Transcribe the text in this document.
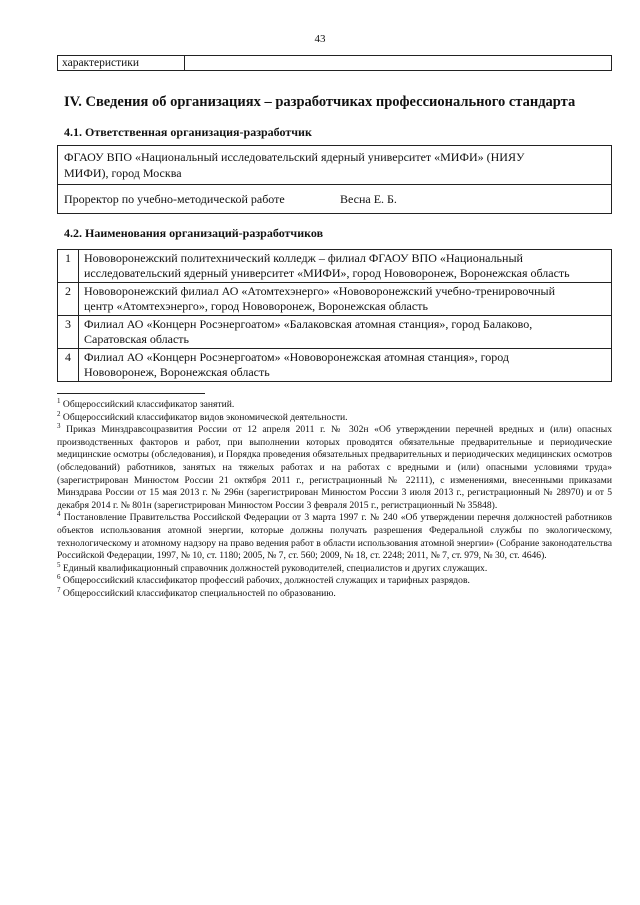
43
характеристики	
IV. Сведения об организациях – разработчиках профессионального стандарта
4.1. Ответственная организация-разработчик
ФГАОУ ВПО «Национальный исследовательский ядерный университет «МИФИ» (НИЯУ
МИФИ), город Москва
Проректор по учебно-методической работе	Весна Е. Б.
4.2. Наименования организаций-разработчиков
1	Нововоронежский политехнический колледж – филиал ФГАОУ ВПО «Национальный
исследовательский ядерный университет «МИФИ», город Нововоронеж, Воронежская область

2	Нововоронежский филиал АО «Атомтехэнерго» «Нововоронежский учебно-тренировочный
центр «Атомтехэнерго», город Нововоронеж, Воронежская область

3	Филиал АО «Концерн Росэнергоатом» «Балаковская атомная станция», город Балаково,
Саратовская область

4	Филиал АО «Концерн Росэнергоатом» «Нововоронежская атомная станция», город
Нововоронеж, Воронежская область

$^1$ Общероссийский классификатор занятий.

$^2$ Общероссийский классификатор видов экономической деятельности.

$^3$ Приказ Минздравсоцразвития России от 12 апреля 2011 г. № 302н «Об утверждении перечней вредных и (или) опасных производственных факторов и работ, при выполнении которых проводятся обязательные предварительные и периодические медицинские осмотры (обследования), и Порядка проведения обязательных предварительных и периодических медицинских осмотров (обследований) работников, занятых на тяжелых работах и на работах с вредными и (или) опасными условиями труда» (зарегистрирован Минюстом России 21 октября 2011 г., регистрационный № 22111), с изменениями, внесенными приказами Минздрава России от 15 мая 2013 г. № 296н (зарегистрирован Минюстом России 3 июля 2013 г., регистрационный № 28970) и от 5 декабря 2014 г. № 801н (зарегистрирован Минюстом России 3 февраля 2015 г., регистрационный № 35848).

$^4$ Постановление Правительства Российской Федерации от 3 марта 1997 г. № 240 «Об утверждении перечня должностей работников объектов использования атомной энергии, которые должны получать разрешения Федеральной службы по экологическому, технологическому и атомному надзору на право ведения работ в области использования атомной энергии» (Собрание законодательства Российской Федерации, 1997, № 10, ст. 1180; 2005, № 7, ст. 560; 2009, № 18, ст. 2248; 2011, № 7, ст. 979, № 30, ст. 4646).

$^5$ Единый квалификационный справочник должностей руководителей, специалистов и других служащих.

$^6$ Общероссийский классификатор профессий рабочих, должностей служащих и тарифных разрядов.

$^7$ Общероссийский классификатор специальностей по образованию.
